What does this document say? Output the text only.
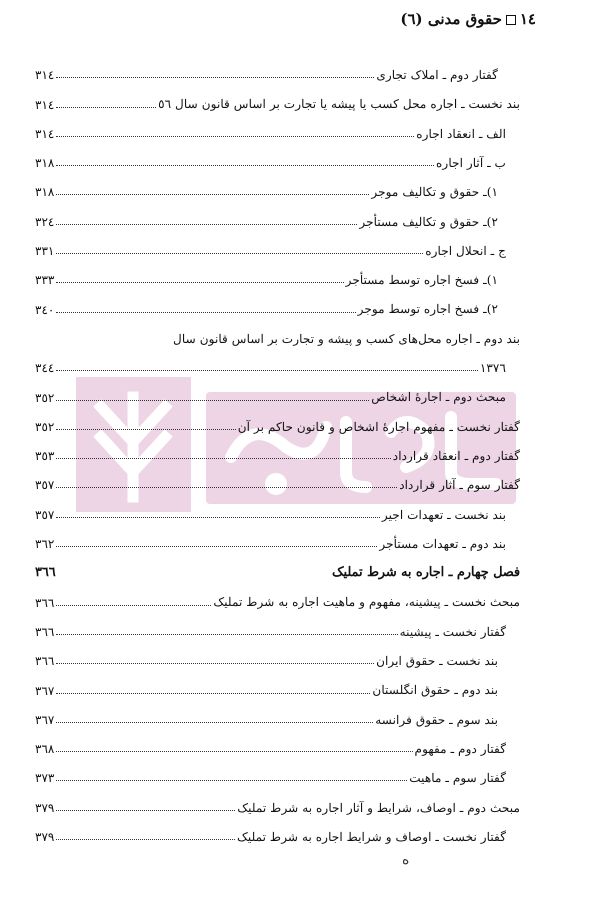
١٤حقوق مدنی (٦)
گفتار دوم ـ املاک تجاری
٣١٤
بند نخست ـ اجاره محل کسب یا پیشه یا تجارت بر اساس قانون سال ٥٦
٣١٤
الف ـ انعقاد اجاره
٣١٤
ب ـ آثار اجاره
٣١٨
١)ـ حقوق و تکالیف موجر
٣١٨
٢)ـ حقوق و تکالیف مستأجر
٣٢٤
ج ـ انحلال اجاره
٣٣١
١)ـ فسخ اجاره توسط مستأجر
٣٣٣
٢)ـ فسخ اجاره توسط موجر
٣٤٠
بند دوم ـ اجاره محل‌های کسب و پیشه و تجارت بر اساس قانون سال
١٣٧٦
٣٤٤
مبحث دوم ـ اجارۀ اشخاص
٣٥٢
گفتار نخست ـ مفهوم اجارۀ اشخاص و قانون حاکم بر آن
٣٥٢
گفتار دوم ـ انعقاد قرارداد
٣٥٣
گفتار سوم ـ آثار قرارداد
٣٥٧
بند نخست ـ تعهدات اجیر
٣٥٧
بند دوم ـ تعهدات مستأجر
٣٦٢
فصل چهارم ـ اجاره به شرط تملیک
٣٦٦
مبحث نخست ـ پیشینه، مفهوم و ماهیت اجاره به شرط تملیک
٣٦٦
گفتار نخست ـ پیشینه
٣٦٦
بند نخست ـ حقوق ایران
٣٦٦
بند دوم ـ حقوق انگلستان
٣٦٧
بند سوم ـ حقوق فرانسه
٣٦٧
گفتار دوم ـ مفهوم
٣٦٨
گفتار سوم ـ ماهیت
٣٧٣
مبحث دوم ـ اوصاف، شرایط و آثار اجاره به شرط تملیک
٣٧٩
گفتار نخست ـ اوصاف و شرایط اجاره به شرط تملیک
٣٧٩
ه
